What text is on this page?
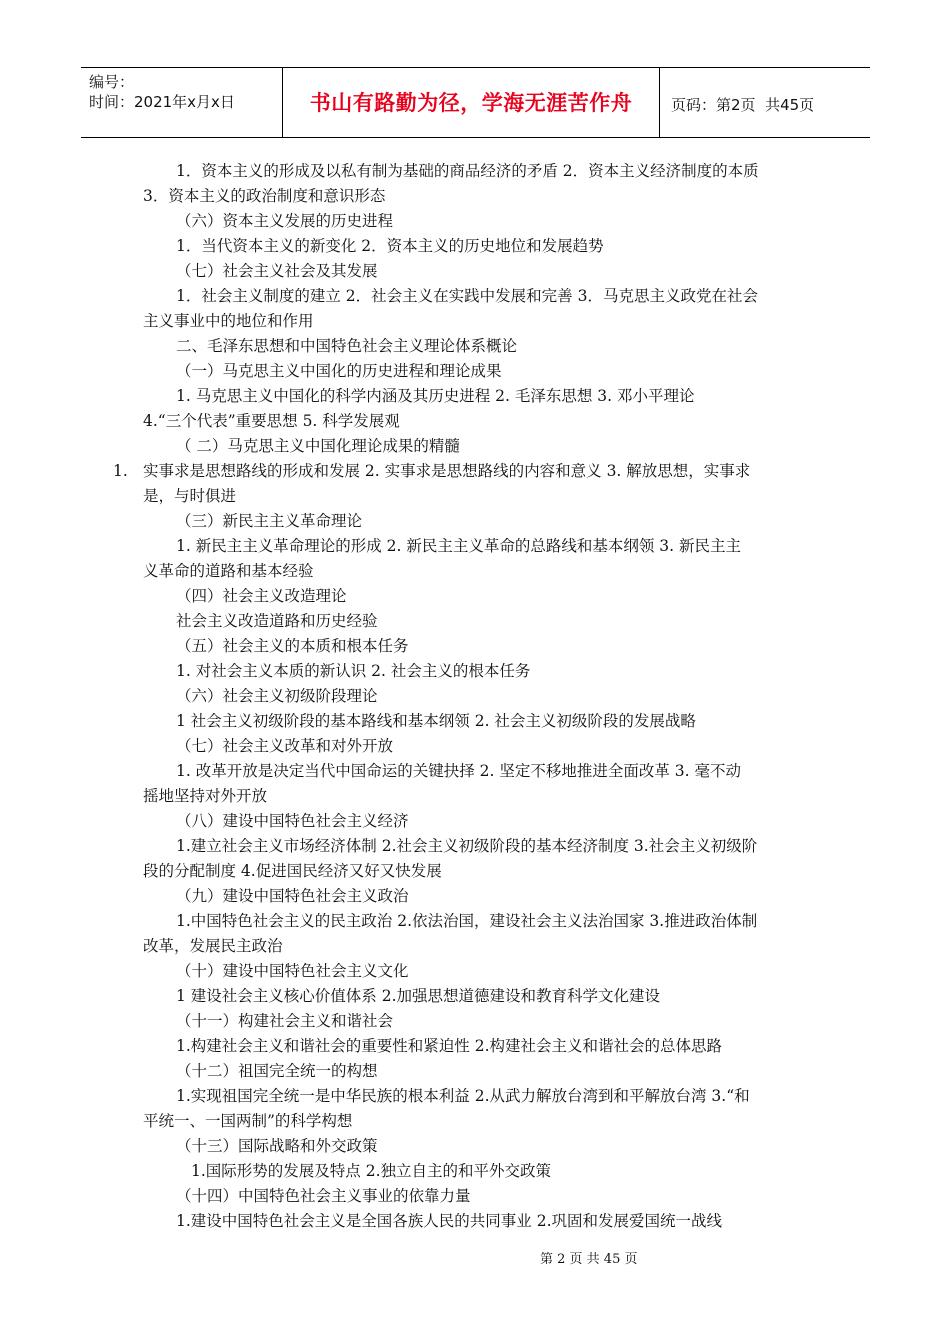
编号：
时间：2021年x月x日	书山有路勤为径，学海无涯苦作舟	页码：第2页  共45页
1．资本主义的形成及以私有制为基础的商品经济的矛盾 2．资本主义经济制度的本质
3．资本主义的政治制度和意识形态
（六）资本主义发展的历史进程
1．当代资本主义的新变化 2．资本主义的历史地位和发展趋势
（七）社会主义社会及其发展
1．社会主义制度的建立 2．社会主义在实践中发展和完善 3．马克思主义政党在社会
主义事业中的地位和作用
二、毛泽东思想和中国特色社会主义理论体系概论
（一）马克思主义中国化的历史进程和理论成果
1. 马克思主义中国化的科学内涵及其历史进程 2. 毛泽东思想 3. 邓小平理论
4.“三个代表”重要思想 5. 科学发展观
（ 二）马克思主义中国化理论成果的精髓
1. 实事求是思想路线的形成和发展 2. 实事求是思想路线的内容和意义 3. 解放思想，实事求
是，与时俱进
（三）新民主主义革命理论
1. 新民主主义革命理论的形成 2. 新民主主义革命的总路线和基本纲领 3. 新民主主
义革命的道路和基本经验
（四）社会主义改造理论
社会主义改造道路和历史经验
（五）社会主义的本质和根本任务
1. 对社会主义本质的新认识 2. 社会主义的根本任务
（六）社会主义初级阶段理论
1 社会主义初级阶段的基本路线和基本纲领 2. 社会主义初级阶段的发展战略
（七）社会主义改革和对外开放
1. 改革开放是决定当代中国命运的关键抉择 2. 坚定不移地推进全面改革 3. 毫不动
摇地坚持对外开放
（八）建设中国特色社会主义经济
1.建立社会主义市场经济体制 2.社会主义初级阶段的基本经济制度 3.社会主义初级阶
段的分配制度 4.促进国民经济又好又快发展
（九）建设中国特色社会主义政治
1.中国特色社会主义的民主政治 2.依法治国，建设社会主义法治国家 3.推进政治体制
改革，发展民主政治
（十）建设中国特色社会主义文化
1 建设社会主义核心价值体系 2.加强思想道德建设和教育科学文化建设
（十一）构建社会主义和谐社会
1.构建社会主义和谐社会的重要性和紧迫性 2.构建社会主义和谐社会的总体思路
（十二）祖国完全统一的构想
1.实现祖国完全统一是中华民族的根本利益 2.从武力解放台湾到和平解放台湾 3.“和
平统一、一国两制”的科学构想
（十三）国际战略和外交政策
1.国际形势的发展及特点 2.独立自主的和平外交政策
（十四）中国特色社会主义事业的依靠力量
1.建设中国特色社会主义是全国各族人民的共同事业 2.巩固和发展爱国统一战线
第 2 页 共 45 页
